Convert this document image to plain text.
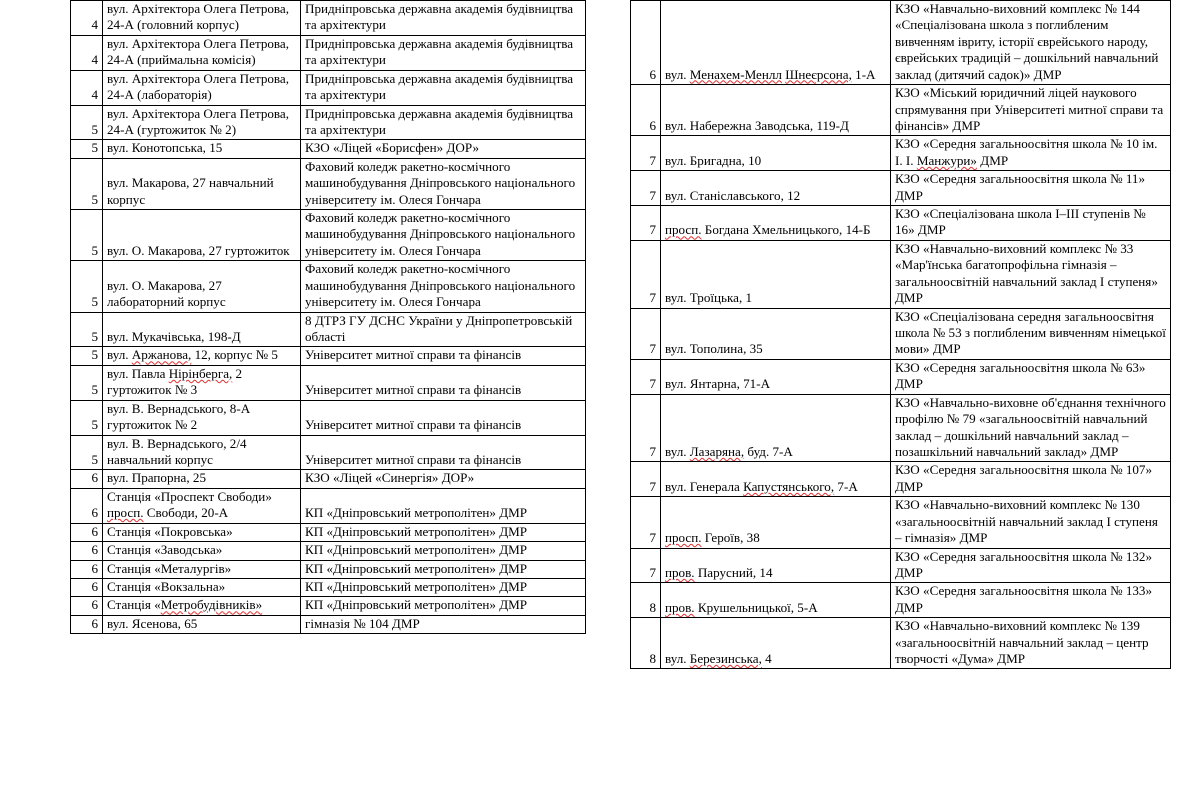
4	вул. Архітектора Олега Петрова, 24-А (головний корпус)	Придніпровська державна академія будівництва та архітектури
4	вул. Архітектора Олега Петрова, 24-А (приймальна комісія)	Придніпровська державна академія будівництва та архітектури
4	вул. Архітектора Олега Петрова, 24-А (лабораторія)	Придніпровська державна академія будівництва та архітектури
5	вул. Архітектора Олега Петрова, 24-А (гуртожиток № 2)	Придніпровська державна академія будівництва та архітектури
5	вул. Конотопська, 15	КЗО «Ліцей «Борисфен» ДОР»
5	вул. Макарова, 27 навчальний корпус	Фаховий коледж ракетно-космічного машинобудування Дніпровського національного університету ім. Олеся Гончара
5	вул. О. Макарова, 27 гуртожиток	Фаховий коледж ракетно-космічного машинобудування Дніпровського національного університету ім. Олеся Гончара
5	вул. О. Макарова, 27 лабораторний корпус	Фаховий коледж ракетно-космічного машинобудування Дніпровського національного університету ім. Олеся Гончара
5	вул. Мукачівська, 198-Д	8 ДТРЗ ГУ ДСНС України у Дніпропетровській області
5	вул. Аржанова, 12, корпус № 5	Університет митної справи та фінансів
5	вул. Павла Нірінберга, 2 гуртожиток № 3	Університет митної справи та фінансів
5	вул. В. Вернадського, 8-А гуртожиток № 2	Університет митної справи та фінансів
5	вул. В. Вернадського, 2/4 навчальний корпус	Університет митної справи та фінансів
6	вул. Прапорна, 25	КЗО «Ліцей «Синергія» ДОР»
6	Станція «Проспект Свободи» просп. Свободи, 20-А	КП «Дніпровський метрополітен» ДМР
6	Станція «Покровська»	КП «Дніпровський метрополітен» ДМР
6	Станція «Заводська»	КП «Дніпровський метрополітен» ДМР
6	Станція «Металургів»	КП «Дніпровський метрополітен» ДМР
6	Станція «Вокзальна»	КП «Дніпровський метрополітен» ДМР
6	Станція «Метробудівників»	КП «Дніпровський метрополітен» ДМР
6	вул. Ясенова, 65	гімназія № 104 ДМР
6	вул. Менахем-Менлл Шнеєрсона, 1-А	КЗО «Навчально-виховний комплекс № 144 «Спеціалізована школа з поглибленим вивченням івриту, історії єврейського народу, єврейських традицій – дошкільний навчальний заклад (дитячий садок)» ДМР
6	вул. Набережна Заводська, 119-Д	КЗО «Міський юридичний ліцей наукового спрямування при Університеті митної справи та фінансів» ДМР
7	вул. Бригадна, 10	КЗО «Середня загальноосвітня школа № 10 ім. І. І. Манжури» ДМР
7	вул. Станіславського, 12	КЗО «Середня загальноосвітня школа № 11» ДМР
7	просп. Богдана Хмельницького, 14-Б	КЗО «Спеціалізована школа I–III ступенів № 16» ДМР
7	вул. Троїцька, 1	КЗО «Навчально-виховний комплекс № 33 «Мар'їнська багатопрофільна гімназія – загальноосвітній навчальний заклад I ступеня» ДМР
7	вул. Тополина, 35	КЗО «Спеціалізована середня загальноосвітня школа № 53 з поглибленим вивченням німецької мови» ДМР
7	вул. Янтарна, 71-А	КЗО «Середня загальноосвітня школа № 63» ДМР
7	вул. Лазаряна, буд. 7-А	КЗО «Навчально-виховне об'єднання технічного профілю № 79 «загальноосвітній навчальний заклад – дошкільний навчальний заклад – позашкільний навчальний заклад» ДМР
7	вул. Генерала Капустянського, 7-А	КЗО «Середня загальноосвітня школа № 107» ДМР
7	просп. Героїв, 38	КЗО «Навчально-виховний комплекс № 130 «загальноосвітній навчальний заклад I ступеня – гімназія» ДМР
7	пров. Парусний, 14	КЗО «Середня загальноосвітня школа № 132» ДМР
8	пров. Крушельницької, 5-А	КЗО «Середня загальноосвітня школа № 133» ДМР
8	вул. Березинська, 4	КЗО «Навчально-виховний комплекс № 139 «загальноосвітній навчальний заклад – центр творчості «Дума» ДМР
